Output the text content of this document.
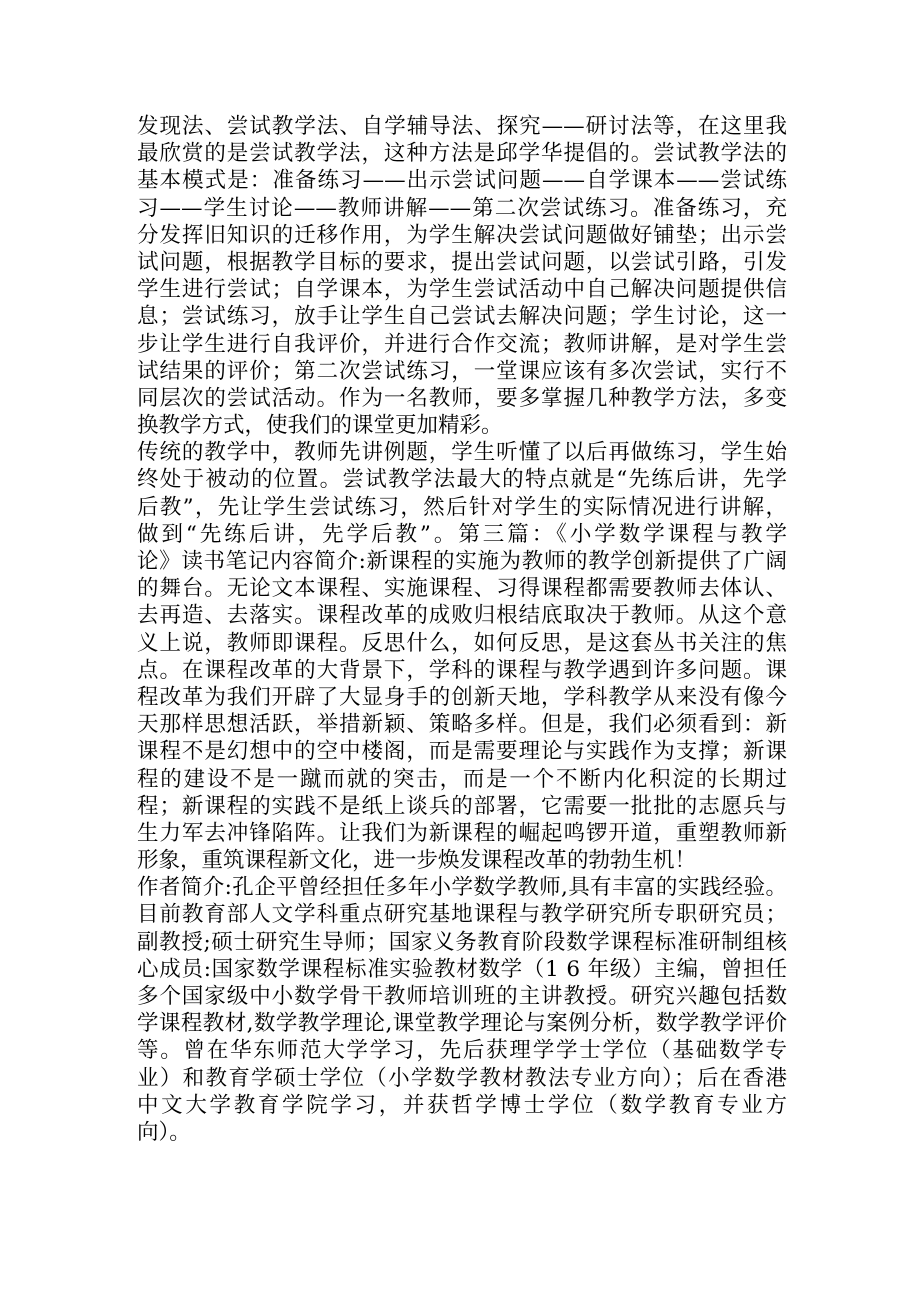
发现法、尝试教学法、自学辅导法、探究——研讨法等，在这里我
最欣赏的是尝试教学法，这种方法是邱学华提倡的。尝试教学法的
基本模式是：准备练习——出示尝试问题——自学课本——尝试练
习——学生讨论——教师讲解——第二次尝试练习。准备练习，充
分发挥旧知识的迁移作用，为学生解决尝试问题做好铺垫；出示尝
试问题，根据教学目标的要求，提出尝试问题，以尝试引路，引发
学生进行尝试；自学课本，为学生尝试活动中自己解决问题提供信
息；尝试练习，放手让学生自己尝试去解决问题；学生讨论，这一
步让学生进行自我评价，并进行合作交流；教师讲解，是对学生尝
试结果的评价；第二次尝试练习，一堂课应该有多次尝试，实行不
同层次的尝试活动。作为一名教师，要多掌握几种教学方法，多变
换教学方式，使我们的课堂更加精彩。
传统的教学中，教师先讲例题，学生听懂了以后再做练习，学生始
终处于被动的位置。尝试教学法最大的特点就是“先练后讲，先学
后教”，先让学生尝试练习，然后针对学生的实际情况进行讲解，
做到“先练后讲，先学后教”。第三篇：《小学数学课程与教学
论》读书笔记内容简介:新课程的实施为教师的教学创新提供了广阔
的舞台。无论文本课程、实施课程、习得课程都需要教师去体认、
去再造、去落实。课程改革的成败归根结底取决于教师。从这个意
义上说，教师即课程。反思什么，如何反思，是这套丛书关注的焦
点。在课程改革的大背景下，学科的课程与教学遇到许多问题。课
程改革为我们开辟了大显身手的创新天地，学科教学从来没有像今
天那样思想活跃，举措新颖、策略多样。但是，我们必须看到：新
课程不是幻想中的空中楼阁，而是需要理论与实践作为支撑；新课
程的建设不是一蹴而就的突击，而是一个不断内化积淀的长期过
程；新课程的实践不是纸上谈兵的部署，它需要一批批的志愿兵与
生力军去冲锋陷阵。让我们为新课程的崛起鸣锣开道，重塑教师新
形象，重筑课程新文化，进一步焕发课程改革的勃勃生机！
作者简介:孔企平曾经担任多年小学数学教师,具有丰富的实践经验。
目前教育部人文学科重点研究基地课程与教学研究所专职研究员；
副教授;硕士研究生导师；国家义务教育阶段数学课程标准研制组核
心成员:国家数学课程标准实验教材数学（1 6 年级）主编，曾担任
多个国家级中小数学骨干教师培训班的主讲教授。研究兴趣包括数
学课程教材,数学教学理论,课堂教学理论与案例分析，数学教学评价
等。曾在华东师范大学学习，先后获理学学士学位（基础数学专
业）和教育学硕士学位（小学数学教材教法专业方向）；后在香港
中文大学教育学院学习，并获哲学博士学位（数学教育专业方
向）。
